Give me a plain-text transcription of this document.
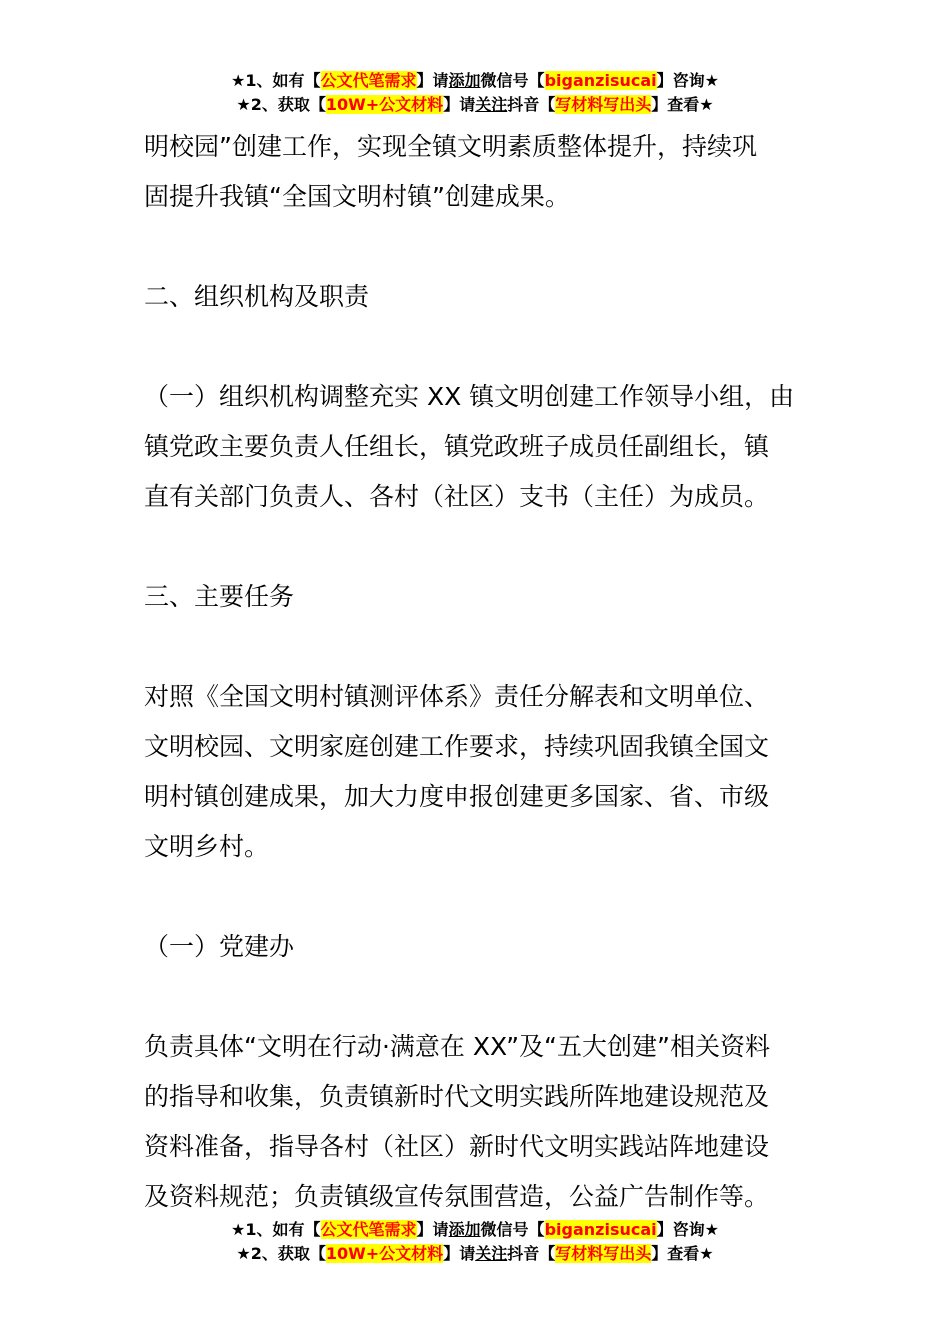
★1、如有【公文代笔需求】请添加微信号【biganzisucai】咨询★
★2、获取【10W+公文材料】请关注抖音【写材料写出头】查看★

明校园”创建工作，实现全镇文明素质整体提升，持续巩

固提升我镇“全国文明村镇”创建成果。

二、组织机构及职责

（一）组织机构调整充实 XX 镇文明创建工作领导小组，由

镇党政主要负责人任组长，镇党政班子成员任副组长，镇

直有关部门负责人、各村（社区）支书（主任）为成员。

三、主要任务

对照《全国文明村镇测评体系》责任分解表和文明单位、

文明校园、文明家庭创建工作要求，持续巩固我镇全国文

明村镇创建成果，加大力度申报创建更多国家、省、市级

文明乡村。

（一）党建办

负责具体“文明在行动·满意在 XX”及“五大创建”相关资料

的指导和收集，负责镇新时代文明实践所阵地建设规范及

资料准备，指导各村（社区）新时代文明实践站阵地建设

及资料规范；负责镇级宣传氛围营造，公益广告制作等。

★1、如有【公文代笔需求】请添加微信号【biganzisucai】咨询★
★2、获取【10W+公文材料】请关注抖音【写材料写出头】查看★
